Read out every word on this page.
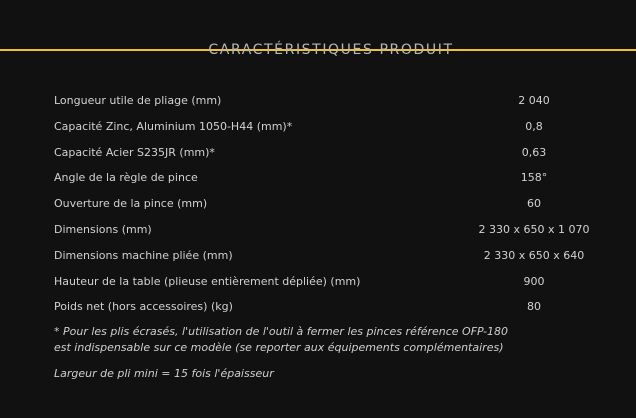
CARACTÉRISTIQUES PRODUIT
Longueur utile de pliage (mm)	2 040
Capacité Zinc, Aluminium 1050-H44 (mm)*	0,8
Capacité Acier S235JR (mm)*	0,63
Angle de la règle de pince	158°
Ouverture de la pince (mm)	60
Dimensions (mm)	2 330 x 650 x 1 070
Dimensions machine pliée (mm)	2 330 x 650 x 640
Hauteur de la table (plieuse entièrement dépliée) (mm)	900
Poids net (hors accessoires) (kg)	80

* Pour les plis écrasés, l'utilisation de l'outil à fermer les pinces référence OFP-180

est indispensable sur ce modèle (se reporter aux équipements complémentaires)

Largeur de pli mini = 15 fois l'épaisseur
